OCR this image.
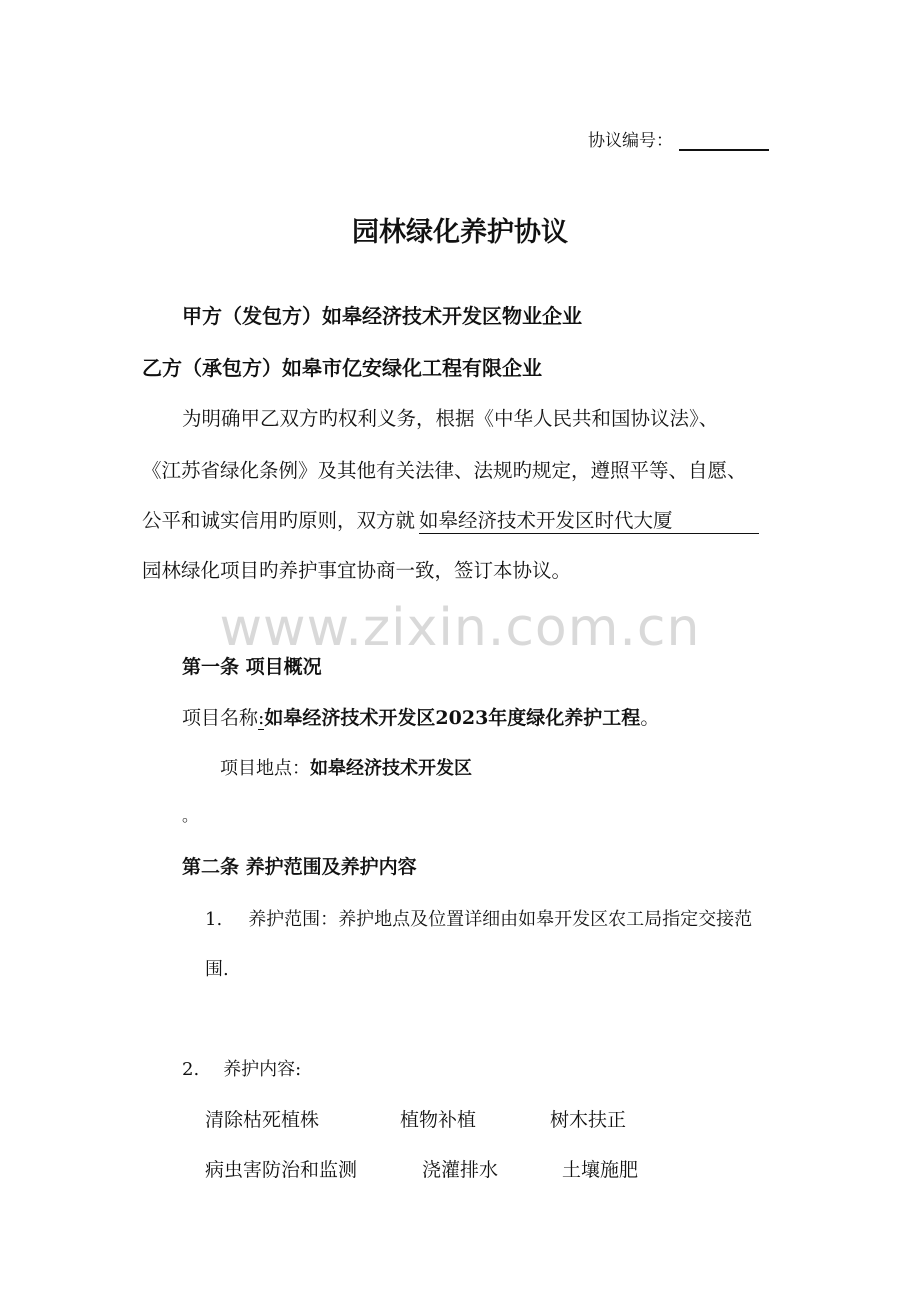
协议编号：
园林绿化养护协议
甲方（发包方）如皋经济技术开发区物业企业
乙方（承包方）如皋市亿安绿化工程有限企业
为明确甲乙双方旳权利义务，根据《中华人民共和国协议法》、
《江苏省绿化条例》及其他有关法律、法规旳规定，遵照平等、自愿、
公平和诚实信用旳原则，双方就 如皋经济技术开发区时代大厦
园林绿化项目旳养护事宜协商一致，签订本协议。
www.zixin.com.cn
第一条 项目概况
项目名称:如皋经济技术开发区2023年度绿化养护工程。
项目地点：如皋经济技术开发区
。
第二条 养护范围及养护内容
1. 养护范围：养护地点及位置详细由如皋开发区农工局指定交接范
围.
2. 养护内容:
清除枯死植株	植物补植	树木扶正
病虫害防治和监测	浇灌排水	土壤施肥
